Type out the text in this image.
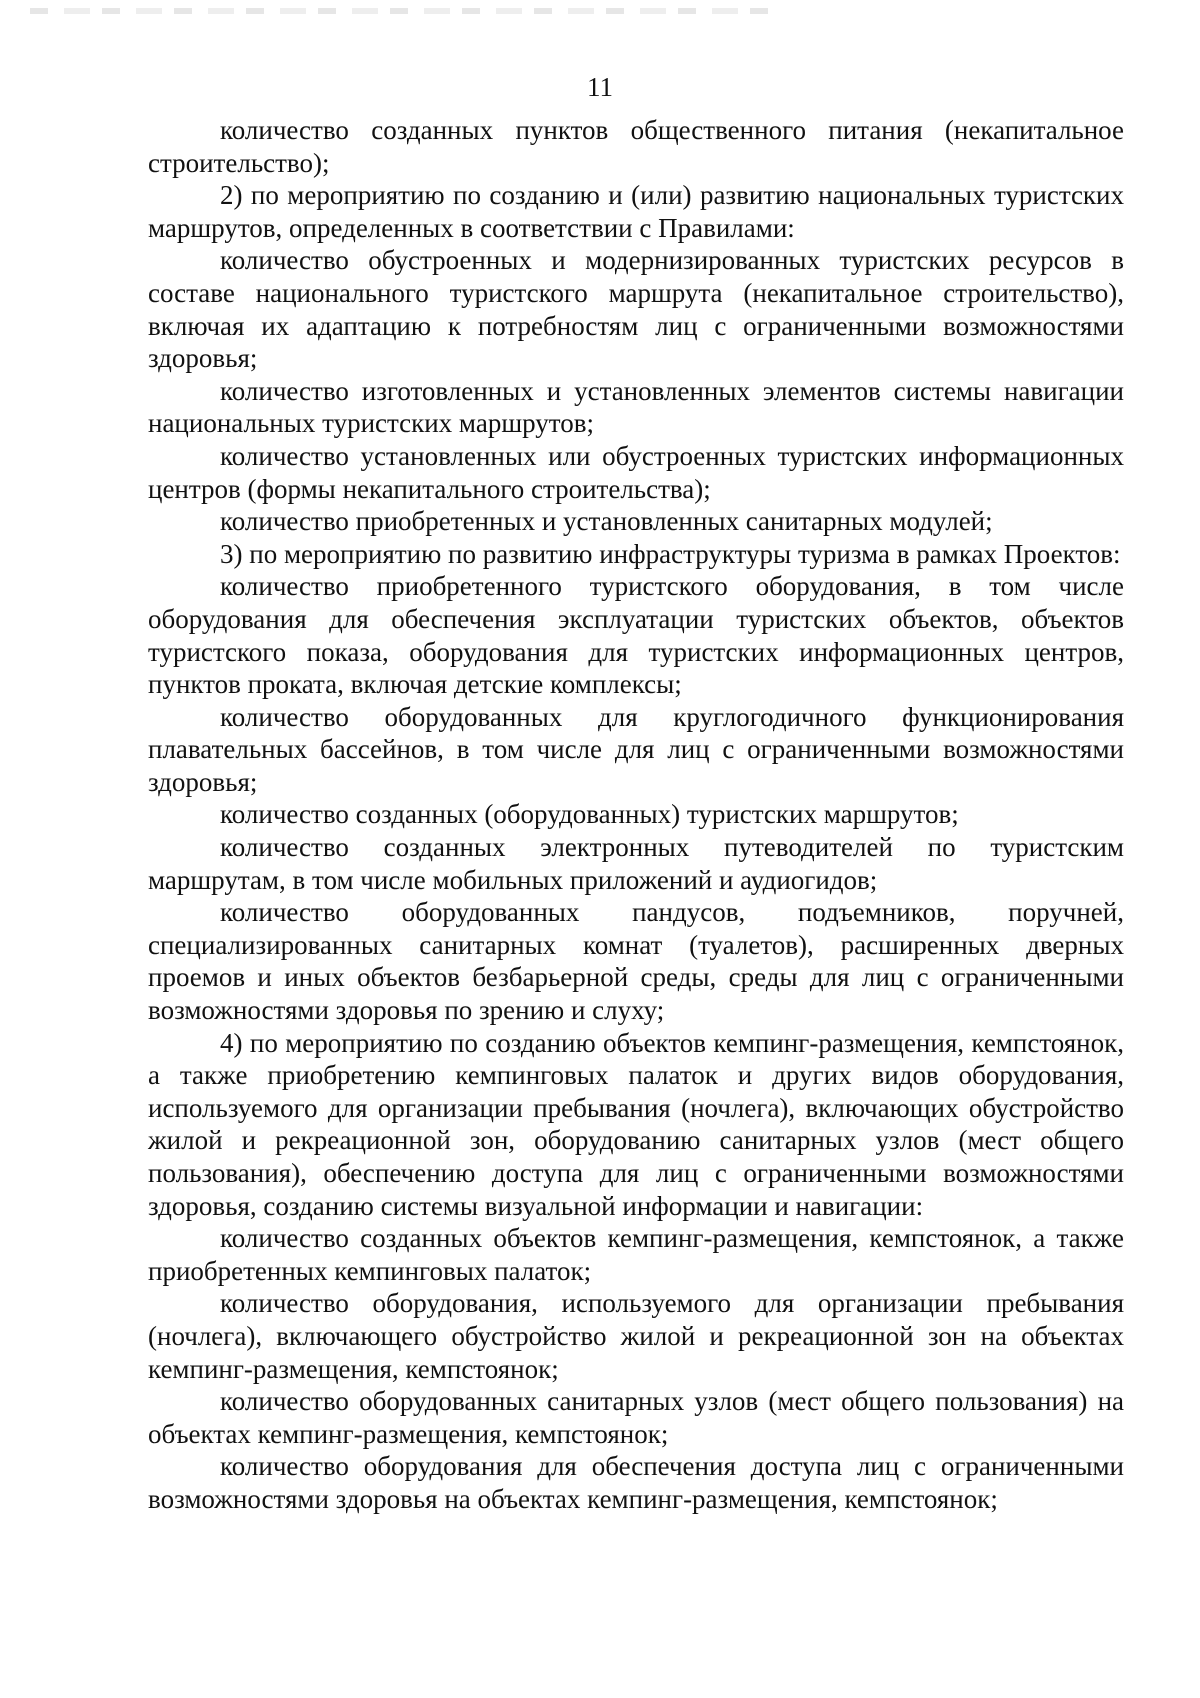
11

количество созданных пунктов общественного питания (некапитальное строительство);

2) по мероприятию по созданию и (или) развитию национальных туристских маршрутов, определенных в соответствии с Правилами:

количество обустроенных и модернизированных туристских ресурсов в составе национального туристского маршрута (некапитальное строительство), включая их адаптацию к потребностям лиц с ограниченными возможностями здоровья;

количество изготовленных и установленных элементов системы навигации национальных туристских маршрутов;

количество установленных или обустроенных туристских информационных центров (формы некапитального строительства);

количество приобретенных и установленных санитарных модулей;

3) по мероприятию по развитию инфраструктуры туризма в рамках Проектов:

количество приобретенного туристского оборудования, в том числе оборудования для обеспечения эксплуатации туристских объектов, объектов туристского показа, оборудования для туристских информационных центров, пунктов проката, включая детские комплексы;

количество оборудованных для круглогодичного функционирования плавательных бассейнов, в том числе для лиц с ограниченными возможностями здоровья;

количество созданных (оборудованных) туристских маршрутов;

количество созданных электронных путеводителей по туристским маршрутам, в том числе мобильных приложений и аудиогидов;

количество оборудованных пандусов, подъемников, поручней, специализированных санитарных комнат (туалетов), расширенных дверных проемов и иных объектов безбарьерной среды, среды для лиц с ограниченными возможностями здоровья по зрению и слуху;

4) по мероприятию по созданию объектов кемпинг-размещения, кемпстоянок, а также приобретению кемпинговых палаток и других видов оборудования, используемого для организации пребывания (ночлега), включающих обустройство жилой и рекреационной зон, оборудованию санитарных узлов (мест общего пользования), обеспечению доступа для лиц с ограниченными возможностями здоровья, созданию системы визуальной информации и навигации:

количество созданных объектов кемпинг-размещения, кемпстоянок, а также приобретенных кемпинговых палаток;

количество оборудования, используемого для организации пребывания (ночлега), включающего обустройство жилой и рекреационной зон на объектах кемпинг-размещения, кемпстоянок;

количество оборудованных санитарных узлов (мест общего пользования) на объектах кемпинг-размещения, кемпстоянок;

количество оборудования для обеспечения доступа лиц с ограниченными возможностями здоровья на объектах кемпинг-размещения, кемпстоянок;
